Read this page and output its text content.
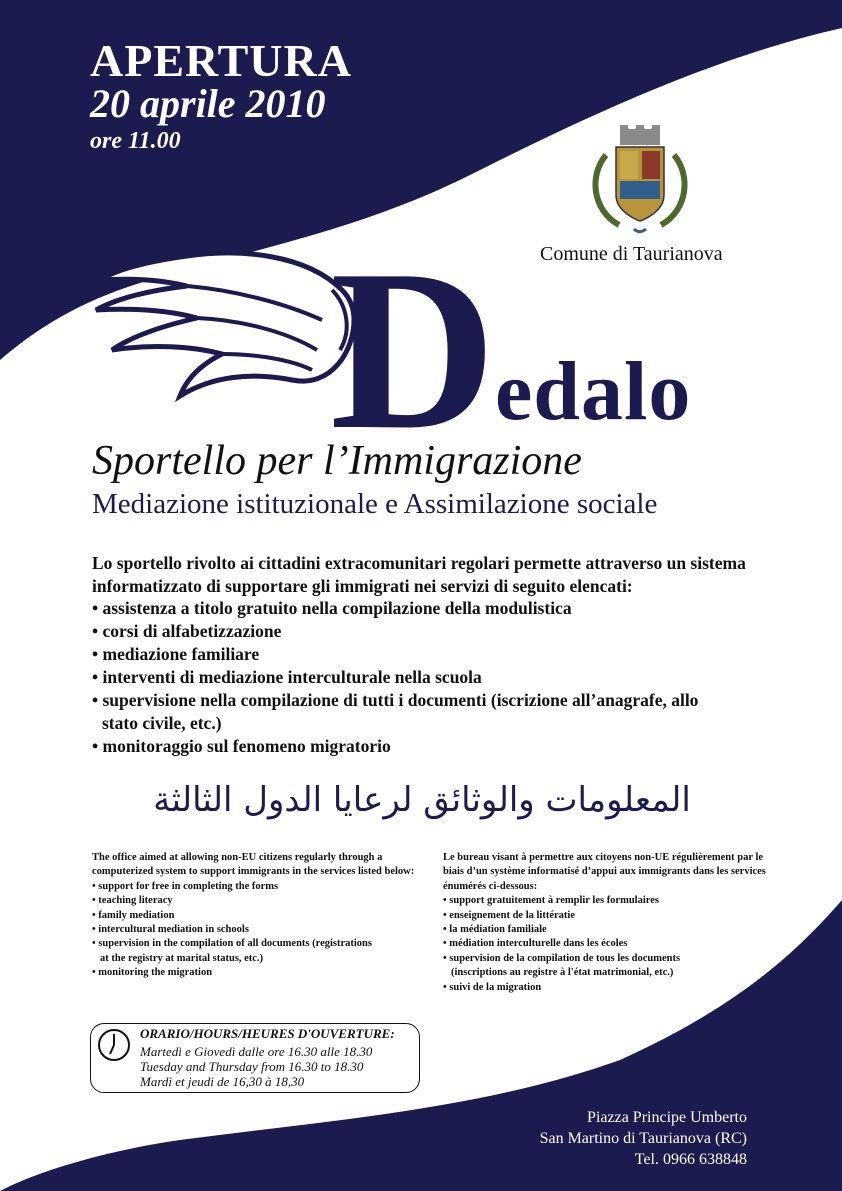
APERTURA
20 aprile 2010
ore 11.00
Comune di Taurianova
D
edalo
Sportello per l’Immigrazione
Mediazione istituzionale e Assimilazione sociale
Lo sportello rivolto ai cittadini extracomunitari regolari permette attraverso un sistema informatizzato di supportare gli immigrati nei servizi di seguito elencati:
• assistenza a titolo gratuito nella compilazione della modulistica
• corsi di alfabetizzazione
• mediazione familiare
• interventi di mediazione interculturale nella scuola
• supervisione nella compilazione di tutti i documenti (iscrizione all’anagrafe, allo
stato civile, etc.)
• monitoraggio sul fenomeno migratorio
المعلومات والوثائق لرعايا الدول الثالثة
The office aimed at allowing non-EU citizens regularly through a computerized system to support immigrants in the services listed below:
• support for free in completing the forms
• teaching literacy
• family mediation
• intercultural mediation in schools
• supervision in the compilation of all documents (registrations
at the registry at marital status, etc.)
• monitoring the migration
Le bureau visant à permettre aux citoyens non-UE régulièrement par le biais d’un système informatisé d’appui aux immigrants dans les services énumérés ci-dessous:
• support gratuitement à remplir les formulaires
• enseignement de la littératie
• la médiation familiale
• médiation interculturelle dans les écoles
• supervision de la compilation de tous les documents
(inscriptions au registre à l'état matrimonial, etc.)
• suivi de la migration
ORARIO/HOURS/HEURES D'OUVERTURE:
Martedì e Giovedì dalle ore 16.30 alle 18.30
Tuesday and Thursday from 16.30 to 18.30
Mardi et jeudi de 16,30 à 18,30
Piazza Principe Umberto
San Martino di Taurianova (RC)
Tel. 0966 638848
